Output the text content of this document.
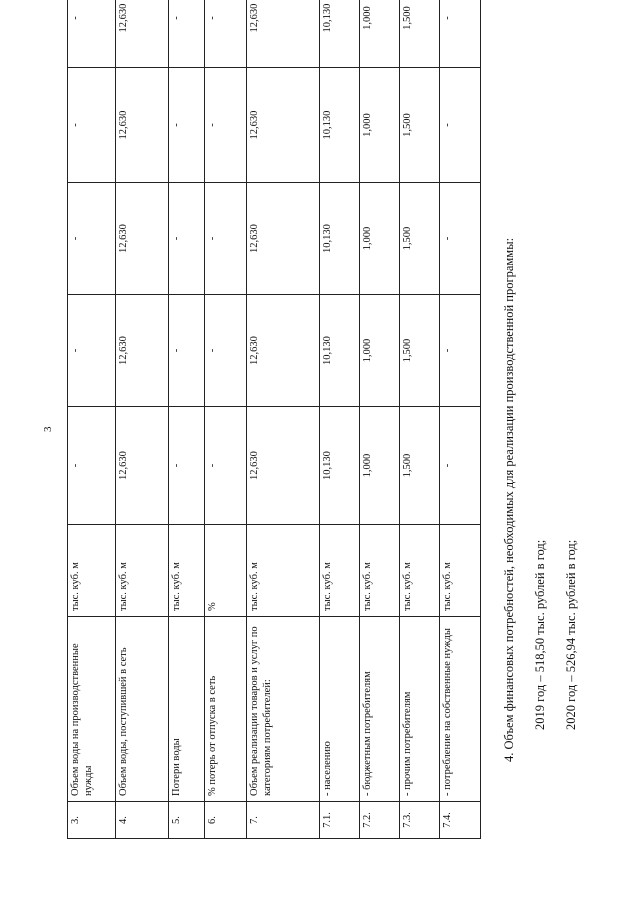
3
3.	Объем воды на производственные нужды	тыс. куб. м	-	-	-	-	-
4.	Объем воды, поступившей в сеть	тыс. куб. м	12,630	12,630	12,630	12,630	12,630
5.	Потери воды	тыс. куб. м	-	-	-	-	-
6.	% потерь от отпуска в сеть	%	-	-	-	-	-
7.	Объем реализации товаров и услуг по категориям потребителей:	тыс. куб. м	12,630	12,630	12,630	12,630	12,630
7.1.	- населению	тыс. куб. м	10,130	10,130	10,130	10,130	10,130
7.2.	- бюджетным потребителям	тыс. куб. м	1,000	1,000	1,000	1,000	1,000
7.3.	- прочим потребителям	тыс. куб. м	1,500	1,500	1,500	1,500	1,500
7.4.	- потребление на собственные нужды	тыс. куб. м	-	-	-	-	-
4. Объем финансовых потребностей, необходимых для реализации производственной программы:	2019 год – 518,50 тыс. рублей в год;	2020 год – 526,94 тыс. рублей в год;
